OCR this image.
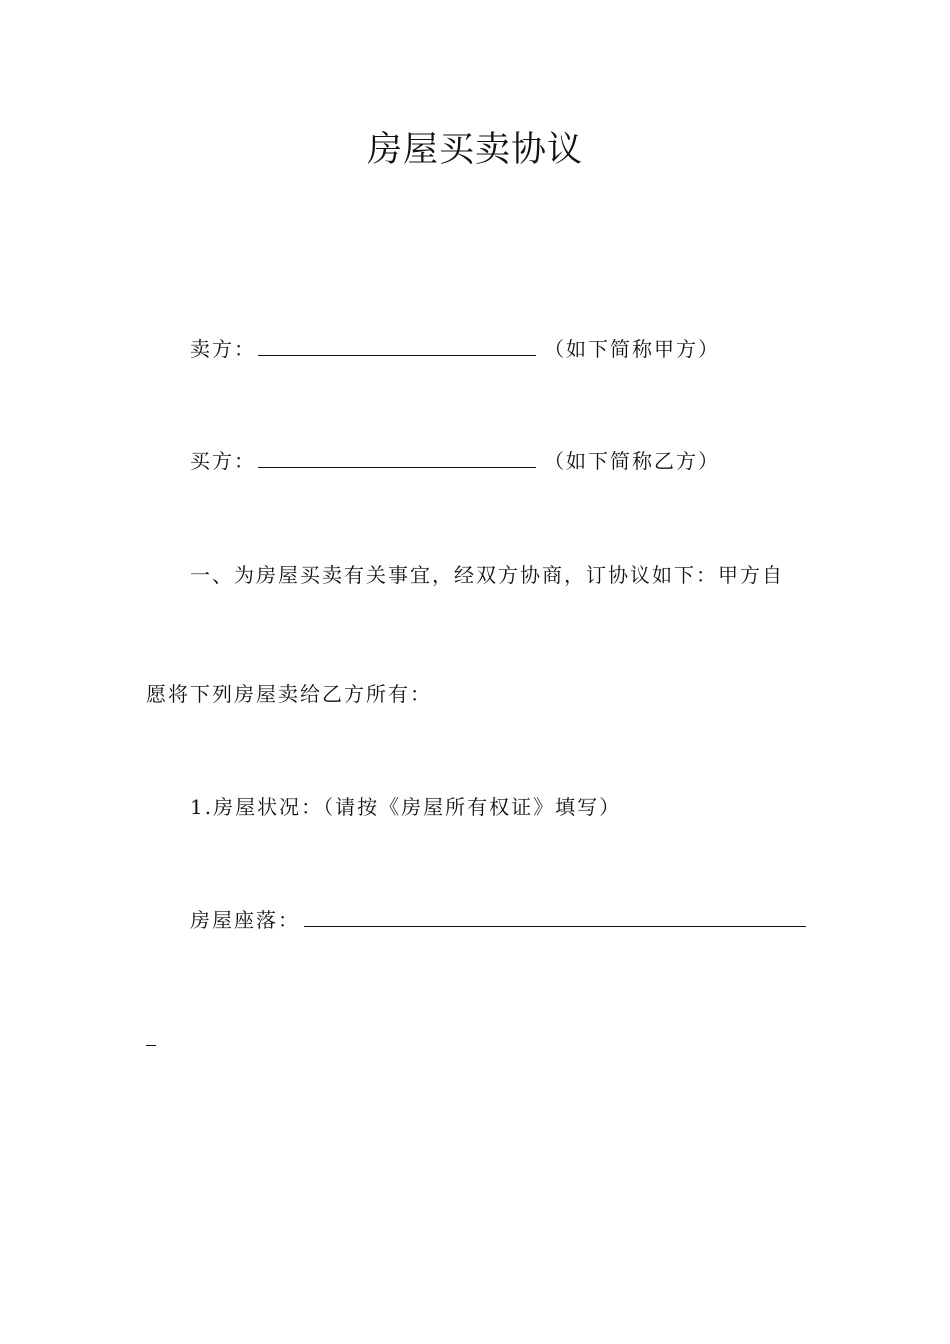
房屋买卖协议
卖方：	（如下简称甲方）
买方：	（如下简称乙方）
一、为房屋买卖有关事宜，经双方协商，订协议如下：甲方自
愿将下列房屋卖给乙方所有：
1.房屋状况：（请按《房屋所有权证》填写）
房屋座落：
